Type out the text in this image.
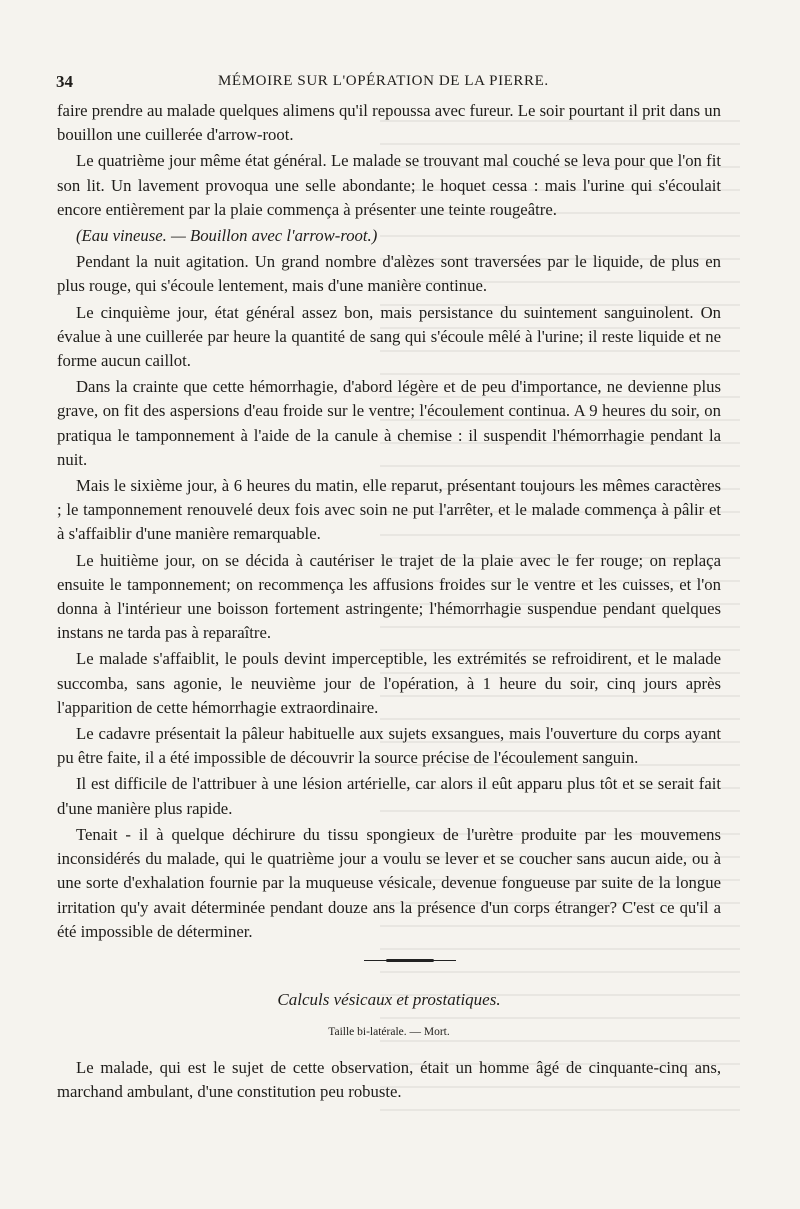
34	MÉMOIRE SUR L'OPÉRATION DE LA PIERRE.

faire prendre au malade quelques alimens qu'il repoussa avec fureur. Le soir pourtant il prit dans un bouillon une cuillerée d'arrow-root.

Le quatrième jour même état général. Le malade se trouvant mal couché se leva pour que l'on fit son lit. Un lavement provoqua une selle abondante; le hoquet cessa : mais l'urine qui s'écoulait encore entièrement par la plaie commença à présenter une teinte rougeâtre.

(Eau vineuse. — Bouillon avec l'arrow-root.)

Pendant la nuit agitation. Un grand nombre d'alèzes sont traversées par le liquide, de plus en plus rouge, qui s'écoule lentement, mais d'une manière continue.

Le cinquième jour, état général assez bon, mais persistance du suintement sanguinolent. On évalue à une cuillerée par heure la quantité de sang qui s'écoule mêlé à l'urine; il reste liquide et ne forme aucun caillot.

Dans la crainte que cette hémorrhagie, d'abord légère et de peu d'importance, ne devienne plus grave, on fit des aspersions d'eau froide sur le ventre; l'écoulement continua. A 9 heures du soir, on pratiqua le tamponnement à l'aide de la canule à chemise : il suspendit l'hémorrhagie pendant la nuit.

Mais le sixième jour, à 6 heures du matin, elle reparut, présentant toujours les mêmes caractères ; le tamponnement renouvelé deux fois avec soin ne put l'arrêter, et le malade commença à pâlir et à s'affaiblir d'une manière remarquable.

Le huitième jour, on se décida à cautériser le trajet de la plaie avec le fer rouge; on replaça ensuite le tamponnement; on recommença les affusions froides sur le ventre et les cuisses, et l'on donna à l'intérieur une boisson fortement astringente; l'hémorrhagie suspendue pendant quelques instans ne tarda pas à reparaître.

Le malade s'affaiblit, le pouls devint imperceptible, les extrémités se refroidirent, et le malade succomba, sans agonie, le neuvième jour de l'opération, à 1 heure du soir, cinq jours après l'apparition de cette hémorrhagie extraordinaire.

Le cadavre présentait la pâleur habituelle aux sujets exsangues, mais l'ouverture du corps ayant pu être faite, il a été impossible de découvrir la source précise de l'écoulement sanguin.

Il est difficile de l'attribuer à une lésion artérielle, car alors il eût apparu plus tôt et se serait fait d'une manière plus rapide.

Tenait - il à quelque déchirure du tissu spongieux de l'urètre produite par les mouvemens inconsidérés du malade, qui le quatrième jour a voulu se lever et se coucher sans aucun aide, ou à une sorte d'exhalation fournie par la muqueuse vésicale, devenue fongueuse par suite de la longue irritation qu'y avait déterminée pendant douze ans la présence d'un corps étranger? C'est ce qu'il a été impossible de déterminer.

Calculs vésicaux et prostatiques.
Taille bi-latérale. — Mort.

Le malade, qui est le sujet de cette observation, était un homme âgé de cinquante-cinq ans, marchand ambulant, d'une constitution peu robuste.
